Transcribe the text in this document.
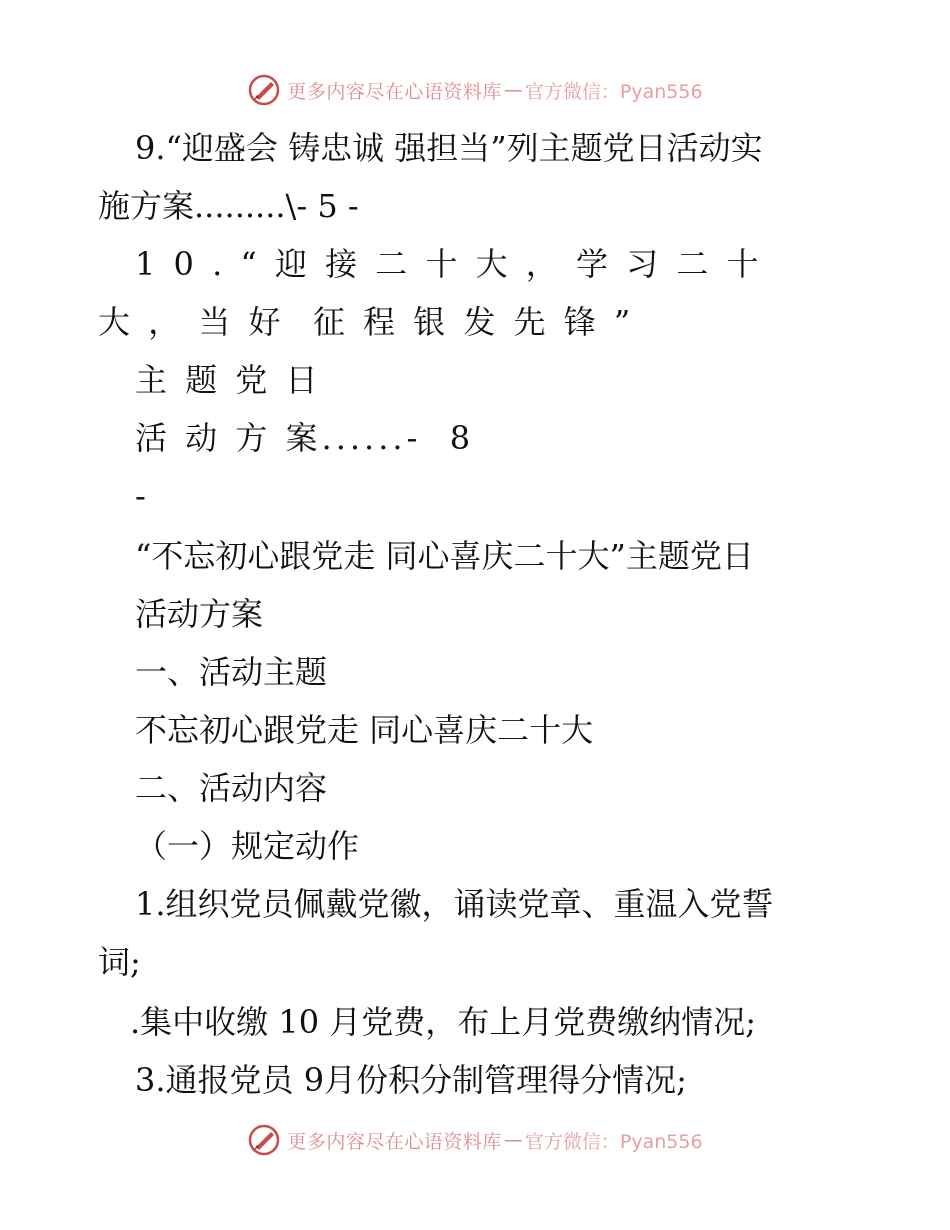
更多内容尽在心语资料库 — 官方微信：Pyan556
9.“迎盛会 铸忠诚 强担当”列主题党日活动实
施方案.........\- 5 -
1 0 . “ 迎 接 二 十 大 ， 学 习 二 十
大 ， 当 好  征 程 银 发 先 锋 ”
主 题 党 日
活 动 方 案......-  8
-
“不忘初心跟党走 同心喜庆二十大”主题党日
活动方案
一、活动主题
不忘初心跟党走 同心喜庆二十大
二、活动内容
（一）规定动作
1.组织党员佩戴党徽，诵读党章、重温入党誓
词;
.集中收缴 10 月党费，布上月党费缴纳情况;
3.通报党员 9月份积分制管理得分情况;
更多内容尽在心语资料库 — 官方微信：Pyan556
